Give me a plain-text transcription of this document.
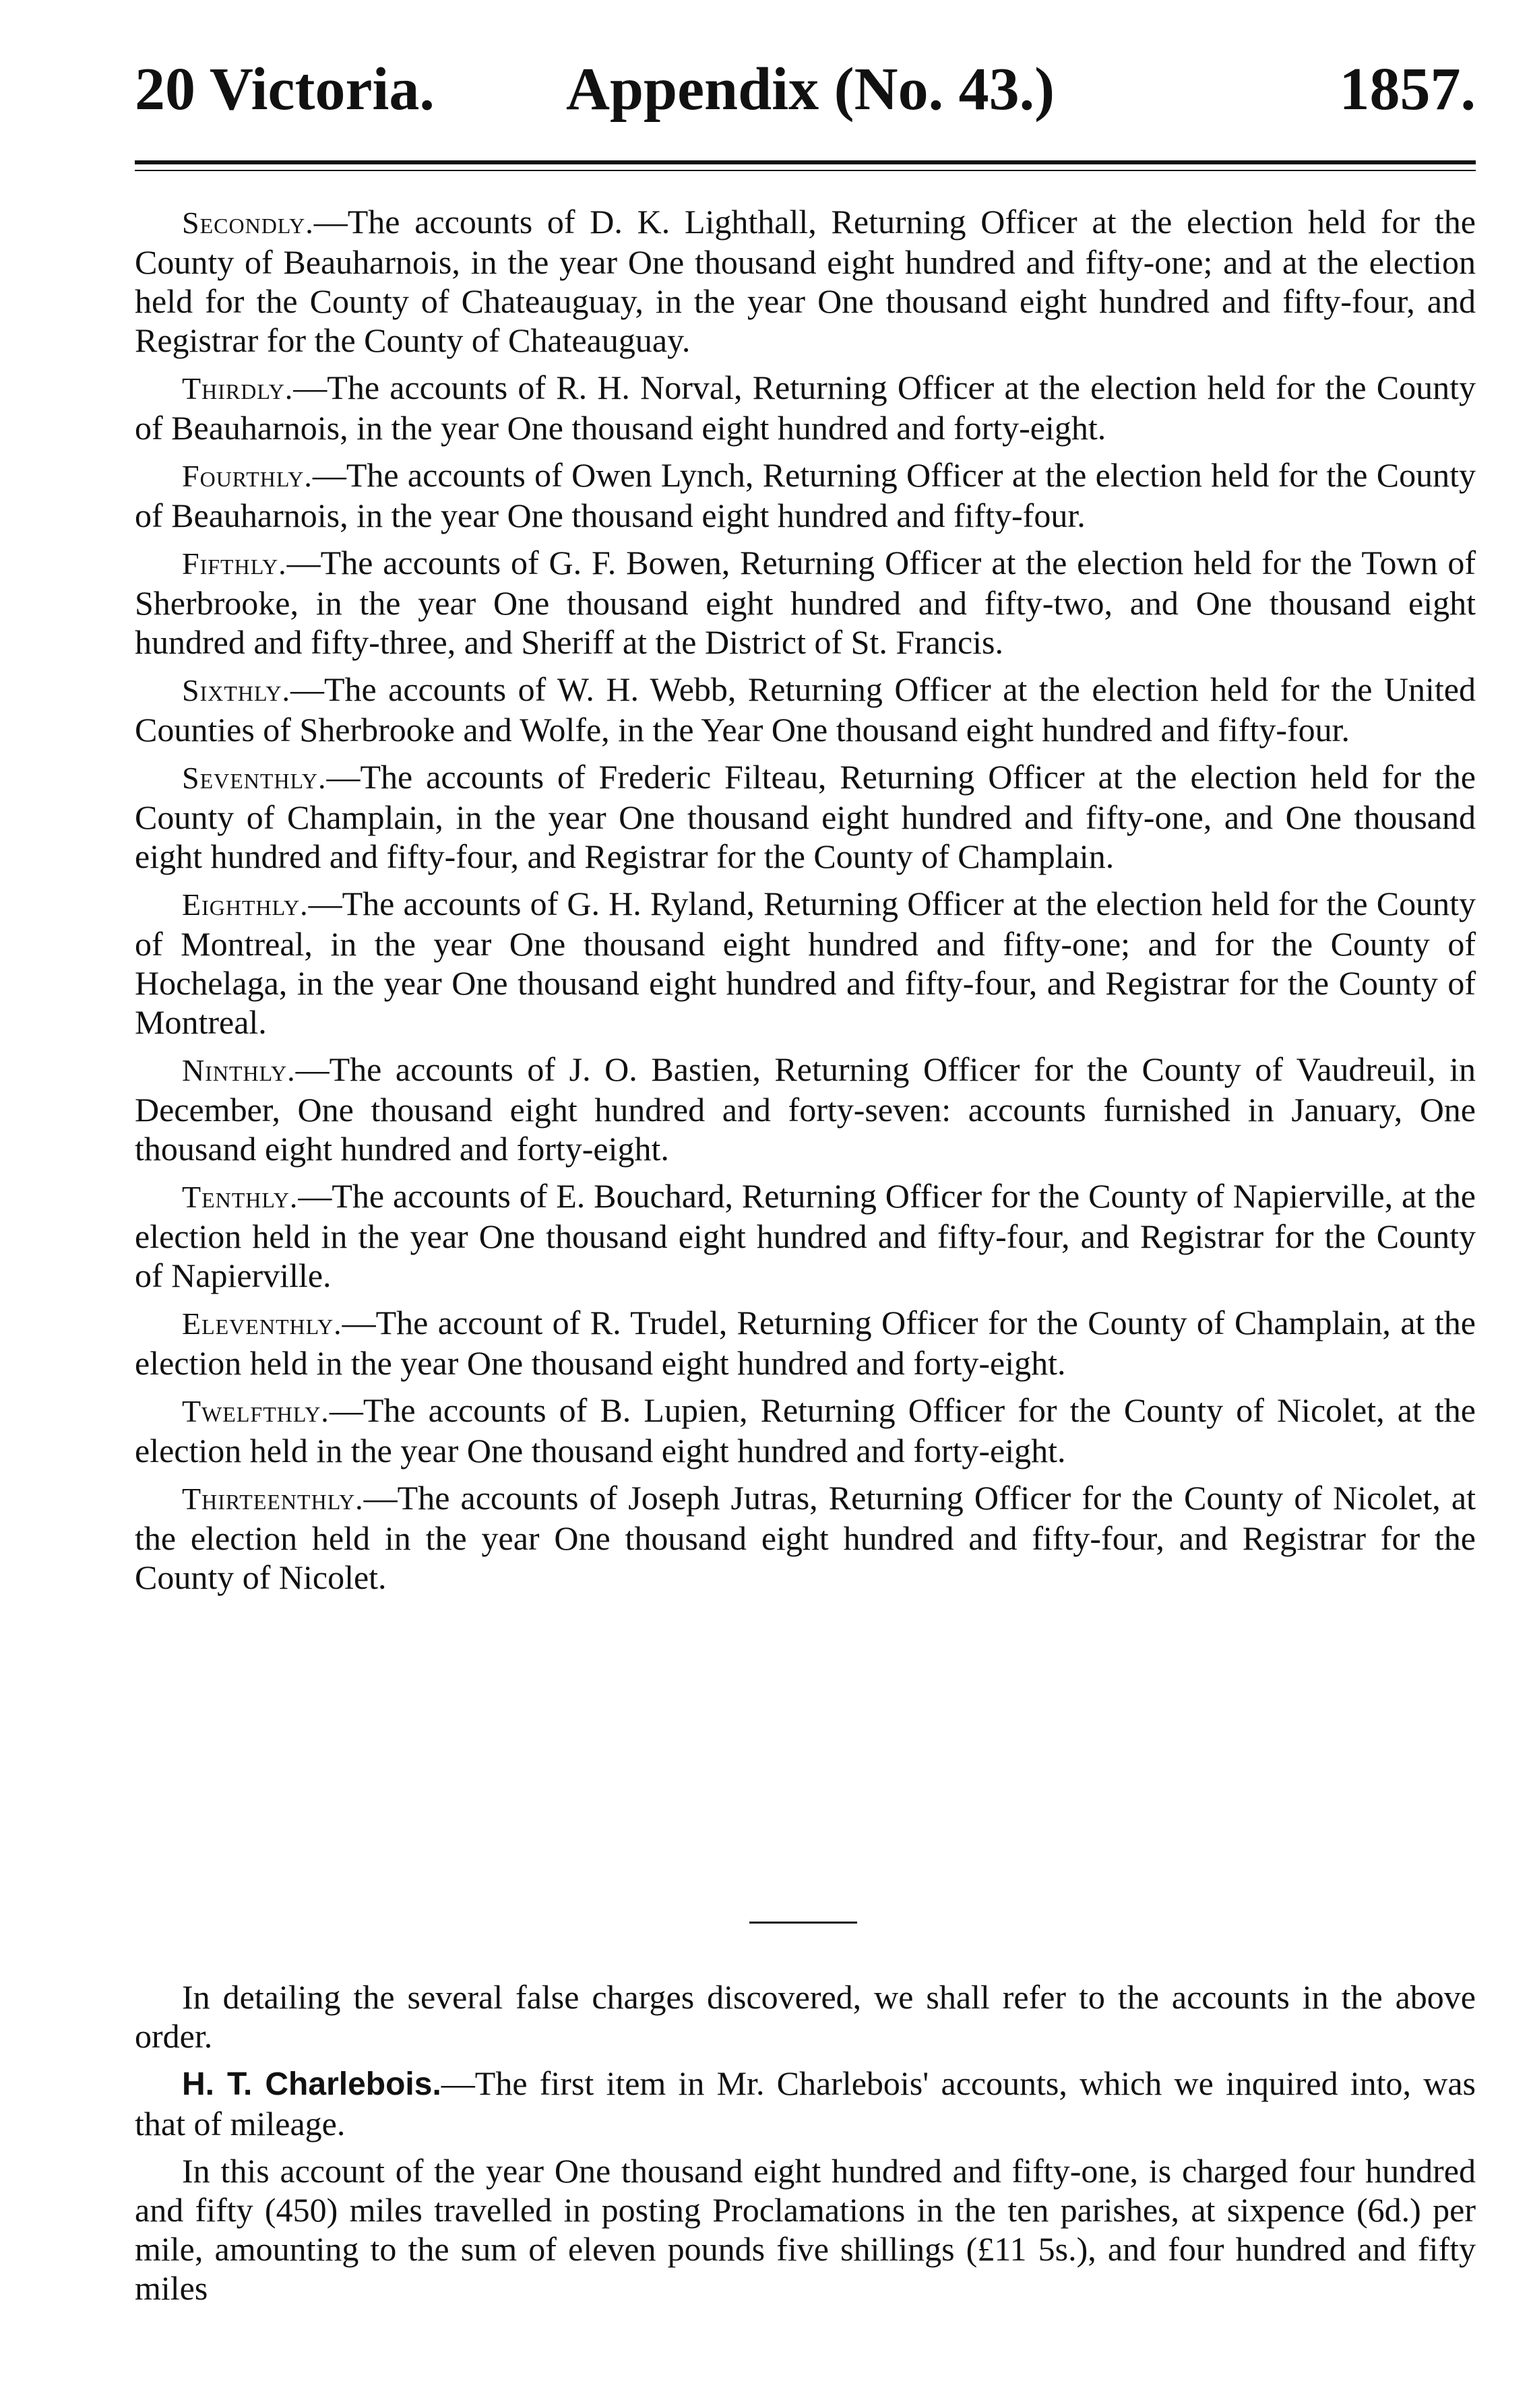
20 Victoria. Appendix (No. 43.)	1857.

Secondly.—The accounts of D. K. Lighthall, Returning Officer at the election held for the County of Beauharnois, in the year One thousand eight hundred and fifty-one; and at the election held for the County of Chateauguay, in the year One thousand eight hundred and fifty-four, and Registrar for the County of Chateauguay.

Thirdly.—The accounts of R. H. Norval, Returning Officer at the election held for the County of Beauharnois, in the year One thousand eight hundred and forty-eight.

Fourthly.—The accounts of Owen Lynch, Returning Officer at the election held for the County of Beauharnois, in the year One thousand eight hundred and fifty-four.

Fifthly.—The accounts of G. F. Bowen, Returning Officer at the election held for the Town of Sherbrooke, in the year One thousand eight hundred and fifty-two, and One thousand eight hundred and fifty-three, and Sheriff at the District of St. Francis.

Sixthly.—The accounts of W. H. Webb, Returning Officer at the election held for the United Counties of Sherbrooke and Wolfe, in the Year One thousand eight hundred and fifty-four.

Seventhly.—The accounts of Frederic Filteau, Returning Officer at the election held for the County of Champlain, in the year One thousand eight hundred and fifty-one, and One thousand eight hundred and fifty-four, and Registrar for the County of Champlain.

Eighthly.—The accounts of G. H. Ryland, Returning Officer at the election held for the County of Montreal, in the year One thousand eight hundred and fifty-one; and for the County of Hochelaga, in the year One thousand eight hundred and fifty-four, and Registrar for the County of Montreal.

Ninthly.—The accounts of J. O. Bastien, Returning Officer for the County of Vaudreuil, in December, One thousand eight hundred and forty-seven: accounts furnished in January, One thousand eight hundred and forty-eight.

Tenthly.—The accounts of E. Bouchard, Returning Officer for the County of Napierville, at the election held in the year One thousand eight hundred and fifty-four, and Registrar for the County of Napierville.

Eleventhly.—The account of R. Trudel, Returning Officer for the County of Champlain, at the election held in the year One thousand eight hundred and forty-eight.

Twelfthly.—The accounts of B. Lupien, Returning Officer for the County of Nicolet, at the election held in the year One thousand eight hundred and forty-eight.

Thirteenthly.—The accounts of Joseph Jutras, Returning Officer for the County of Nicolet, at the election held in the year One thousand eight hundred and fifty-four, and Registrar for the County of Nicolet.

In detailing the several false charges discovered, we shall refer to the accounts in the above order.

H. T. Charlebois.—The first item in Mr. Charlebois' accounts, which we inquired into, was that of mileage.

In this account of the year One thousand eight hundred and fifty-one, is charged four hundred and fifty (450) miles travelled in posting Proclamations in the ten parishes, at sixpence (6d.) per mile, amounting to the sum of eleven pounds five shillings (£11 5s.), and four hundred and fifty miles
